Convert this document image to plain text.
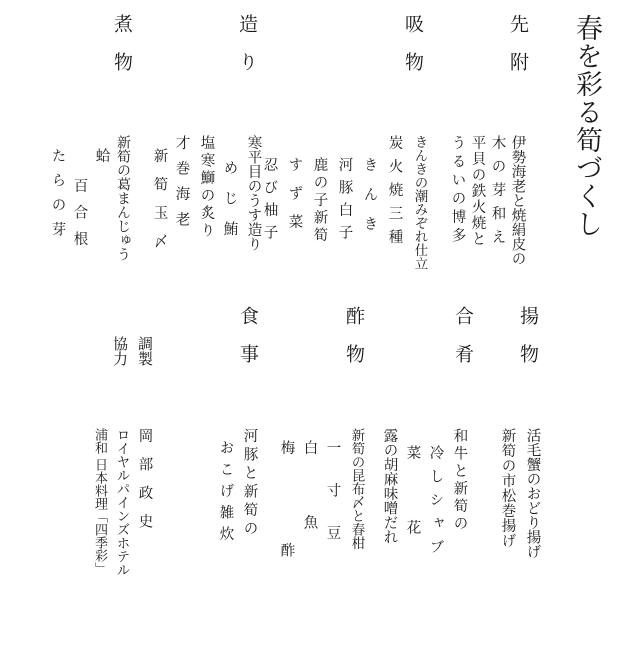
春を彩る筍づくし
先　附
伊勢海老と焼絹皮の
木の芽和え
平貝の鉄火焼と
うるいの博多
吸　物
きんきの潮みぞれ仕立
炭火焼三種
きんき
河豚白子
鹿の子新筍
すず菜
忍び柚子
造　り
寒平目のうす造り
めじ鮪
塩寒鰤の炙り
才巻海老
新筍玉〆
煮　物
新筍の葛まんじゅう
蛤
百合根
たらの芽
揚　物
活毛蟹のおどり揚げ
新筍の市松巻揚げ
合　肴
和牛と新筍の
冷しシャブ
菜花
露の胡麻味噌だれ
酢　物
新筍の昆布〆と春柑
一寸豆
白魚
梅酢
食　事
河豚と新筍の
おこげ雑炊
調製
協力
岡部政史
ロイヤルパインズホテル
浦和 日本料理「四季彩」
